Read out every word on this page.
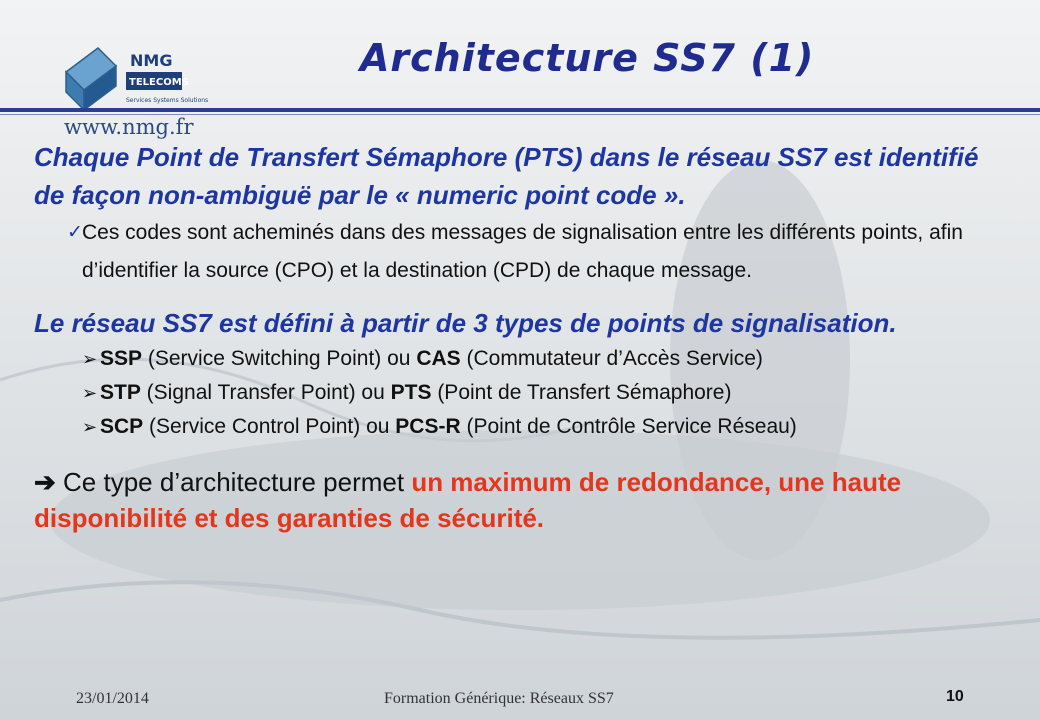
NMG
TELECOMS
Services Systems Solutions
www.nmg.fr
Architecture SS7 (1)
Chaque Point de Transfert Sémaphore (PTS) dans le réseau SS7 est identifié de façon non-ambiguë par le « numeric point code ».
✓ Ces codes sont acheminés dans des messages de signalisation entre les différents points, afin d’identifier la source (CPO) et la destination (CPD) de chaque message.
Le réseau SS7 est défini à partir de 3 types de points de signalisation.
➢ SSP (Service Switching Point) ou CAS (Commutateur d’Accès Service)
➢ STP (Signal Transfer Point) ou PTS (Point de Transfert Sémaphore)
➢ SCP (Service Control Point) ou PCS-R (Point de Contrôle Service Réseau)
➔ Ce type d’architecture permet un maximum de redondance, une haute disponibilité et des garanties de sécurité.
23/01/2014	Formation Générique: Réseaux SS7	10
